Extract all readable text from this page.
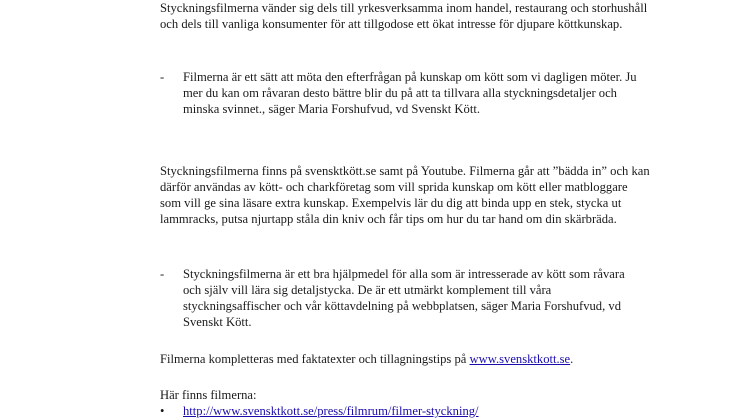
Styckningsfilmerna vänder sig dels till yrkesverksamma inom handel, restaurang och storhushåll och dels till vanliga konsumenter för att tillgodose ett ökat intresse för djupare köttkunskap.

-	Filmerna är ett sätt att möta den efterfrågan på kunskap om kött som vi dagligen möter. Ju mer du kan om råvaran desto bättre blir du på att ta tillvara alla styckningsdetaljer och minska svinnet., säger Maria Forshufvud, vd Svenskt Kött.

Styckningsfilmerna finns på svensktkött.se samt på Youtube. Filmerna går att ”bädda in” och kan därför användas av kött- och charkföretag som vill sprida kunskap om kött eller matbloggare som vill ge sina läsare extra kunskap. Exempelvis lär du dig att binda upp en stek, stycka ut lammracks, putsa njurtapp ståla din kniv och får tips om hur du tar hand om din skärbräda.

-	Styckningsfilmerna är ett bra hjälpmedel för alla som är intresserade av kött som råvara och själv vill lära sig detaljstycka. De är ett utmärkt komplement till våra styckningsaffischer och vår köttavdelning på webbplatsen, säger Maria Forshufvud, vd Svenskt Kött.

Filmerna kompletteras med faktatexter och tillagningstips på www.svensktkott.se.

Här finns filmerna:

•	http://www.svensktkott.se/press/filmrum/filmer-styckning/
